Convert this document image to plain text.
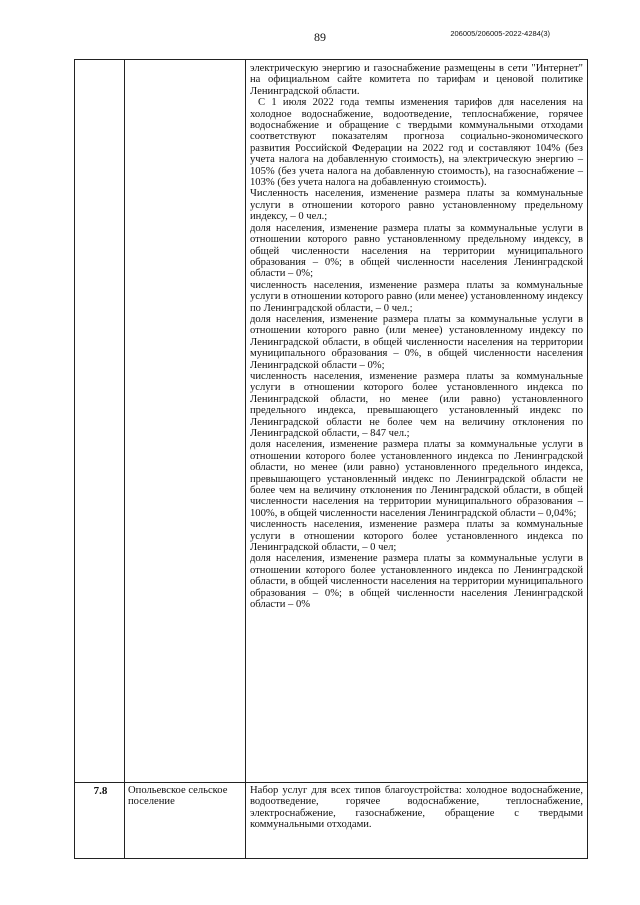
89	206005/206005-2022-4284(3)

электрическую энергию и газоснабжение размещены в сети "Интернет" на официальном сайте комитета по тарифам и ценовой политике Ленинградской области.

С 1 июля 2022 года темпы изменения тарифов для населения на холодное водоснабжение, водоотведение, теплоснабжение, горячее водоснабжение и обращение с твердыми коммунальными отходами соответствуют показателям прогноза социально-экономического развития Российской Федерации на 2022 год и составляют 104% (без учета налога на добавленную стоимость), на электрическую энергию – 105% (без учета налога на добавленную стоимость), на газоснабжение – 103% (без учета налога на добавленную стоимость).

Численность населения, изменение размера платы за коммунальные услуги в отношении которого равно установленному предельному индексу, – 0 чел.;

доля населения, изменение размера платы за коммунальные услуги в отношении которого равно установленному предельному индексу, в общей численности населения на территории муниципального образования – 0%; в общей численности населения Ленинградской области – 0%;

численность населения, изменение размера платы за коммунальные услуги в отношении которого равно (или менее) установленному индексу по Ленинградской области, – 0 чел.;

доля населения, изменение размера платы за коммунальные услуги в отношении которого равно (или менее) установленному индексу по Ленинградской области, в общей численности населения на территории муниципального образования – 0%, в общей численности населения Ленинградской области – 0%;

численность населения, изменение размера платы за коммунальные услуги в отношении которого более установленного индекса по Ленинградской области, но менее (или равно) установленного предельного индекса, превышающего установленный индекс по Ленинградской области не более чем на величину отклонения по Ленинградской области, – 847 чел.;

доля населения, изменение размера платы за коммунальные услуги в отношении которого более установленного индекса по Ленинградской области, но менее (или равно) установленного предельного индекса, превышающего установленный индекс по Ленинградской области не более чем на величину отклонения по Ленинградской области, в общей численности населения на территории муниципального образования – 100%, в общей численности населения Ленинградской области – 0,04%;

численность населения, изменение размера платы за коммунальные услуги в отношении которого более установленного индекса по Ленинградской области, – 0 чел;

доля населения, изменение размера платы за коммунальные услуги в отношении которого более установленного индекса по Ленинградской области, в общей численности населения на территории муниципального образования – 0%; в общей численности населения Ленинградской области – 0%

7.8	Опольевское сельское поселение
Набор услуг для всех типов благоустройства: холодное водоснабжение, водоотведение, горячее водоснабжение, теплоснабжение, электроснабжение, газоснабжение, обращение с твердыми коммунальными отходами.
